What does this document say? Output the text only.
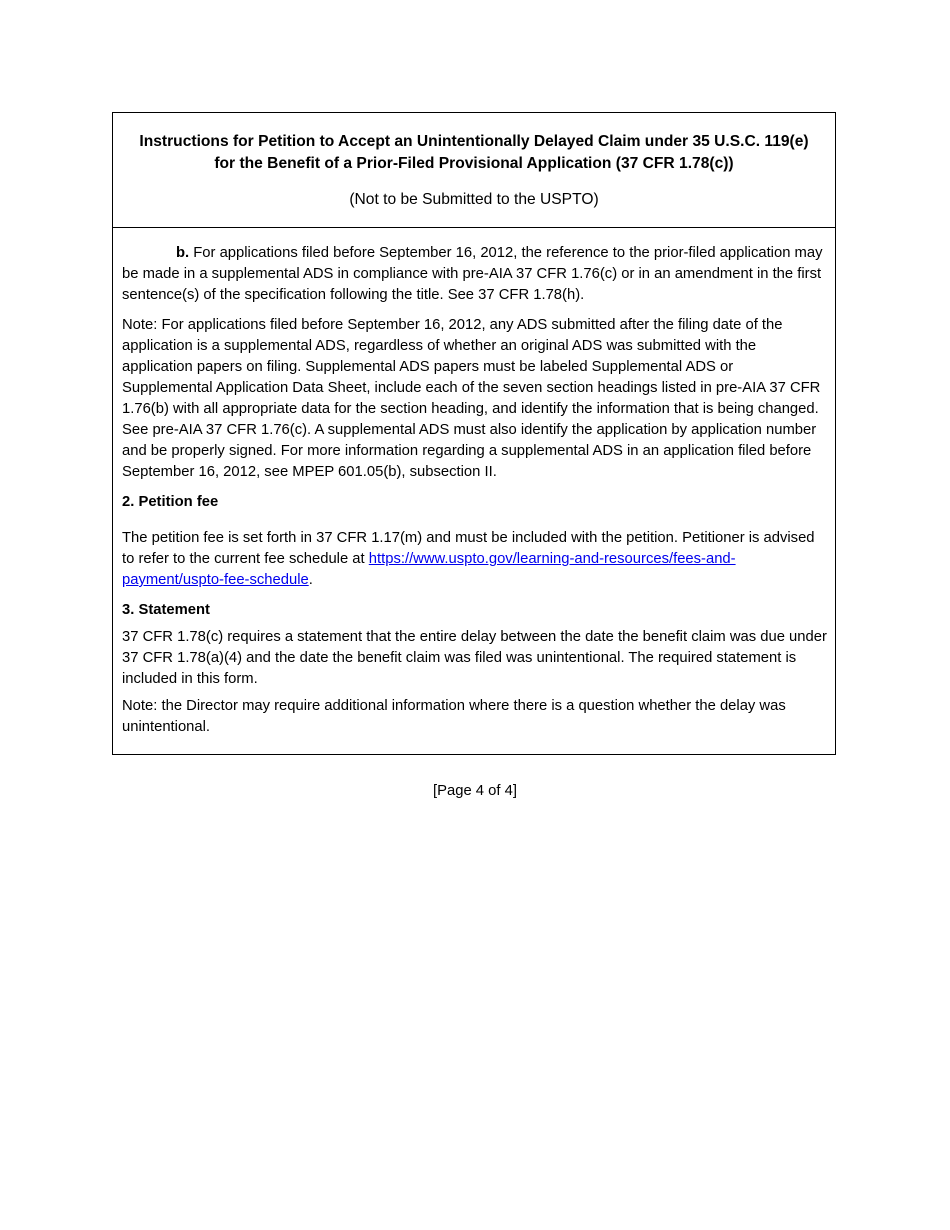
Instructions for Petition to Accept an Unintentionally Delayed Claim under 35 U.S.C. 119(e)
for the Benefit of a Prior-Filed Provisional Application (37 CFR 1.78(c))

(Not to be Submitted to the USPTO)

b. For applications filed before September 16, 2012, the reference to the prior-filed application may be made in a supplemental ADS in compliance with pre-AIA 37 CFR 1.76(c) or in an amendment in the first sentence(s) of the specification following the title. See 37 CFR 1.78(h).

Note: For applications filed before September 16, 2012, any ADS submitted after the filing date of the application is a supplemental ADS, regardless of whether an original ADS was submitted with the application papers on filing. Supplemental ADS papers must be labeled Supplemental ADS or Supplemental Application Data Sheet, include each of the seven section headings listed in pre-AIA 37 CFR 1.76(b) with all appropriate data for the section heading, and identify the information that is being changed. See pre-AIA 37 CFR 1.76(c). A supplemental ADS must also identify the application by application number and be properly signed. For more information regarding a supplemental ADS in an application filed before September 16, 2012, see MPEP 601.05(b), subsection II.

2. Petition fee

The petition fee is set forth in 37 CFR 1.17(m) and must be included with the petition. Petitioner is advised to refer to the current fee schedule at https://www.uspto.gov/learning-and-resources/fees-and-payment/uspto-fee-schedule.

3. Statement

37 CFR 1.78(c) requires a statement that the entire delay between the date the benefit claim was due under 37 CFR 1.78(a)(4) and the date the benefit claim was filed was unintentional. The required statement is included in this form.

Note: the Director may require additional information where there is a question whether the delay was unintentional.

[Page 4 of 4]
